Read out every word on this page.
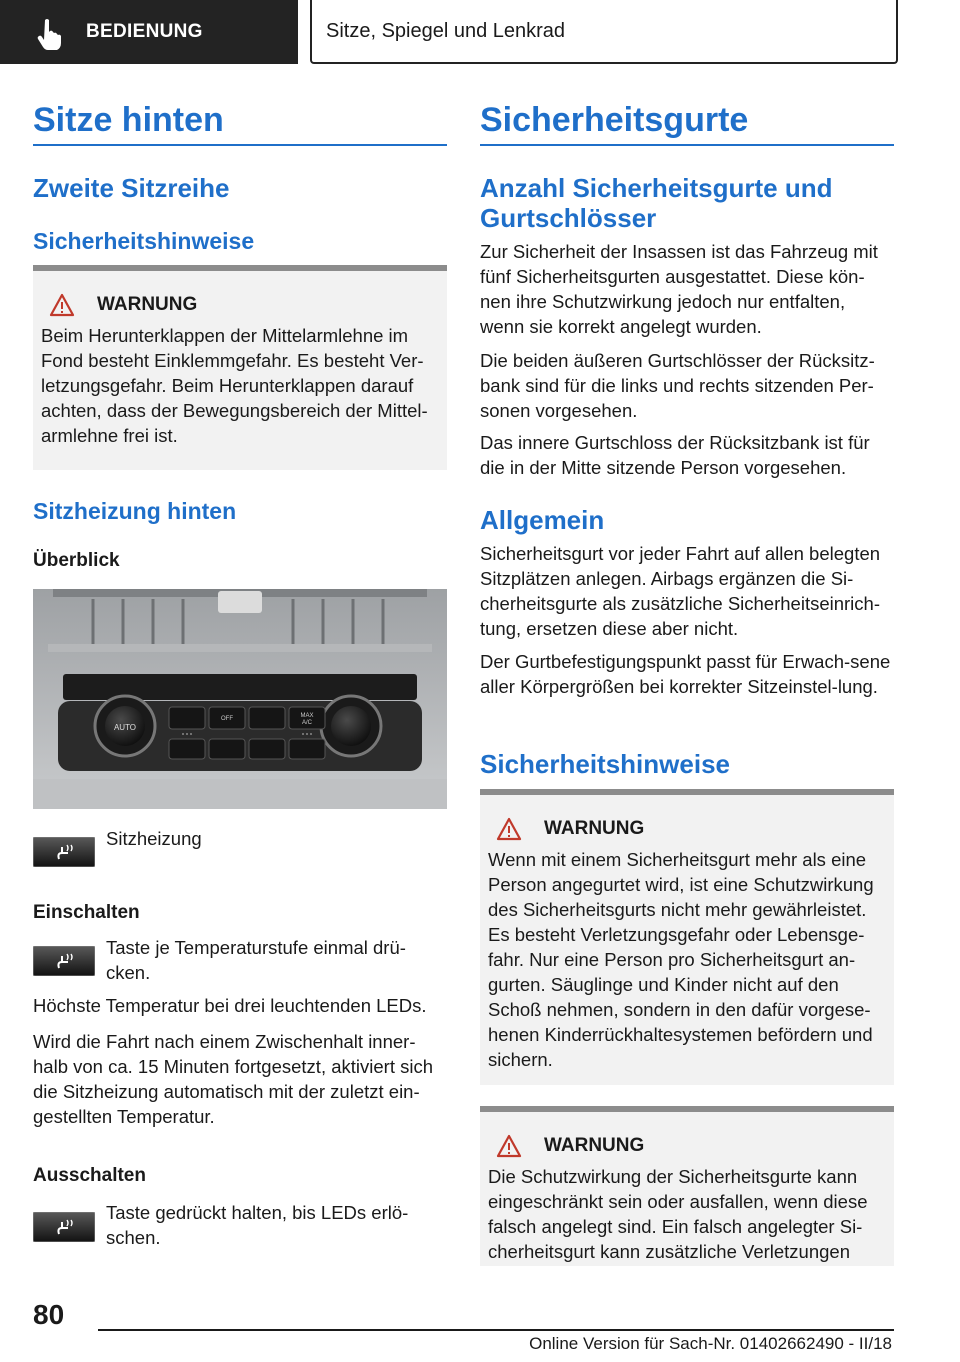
BEDIENUNG	Sitze, Spiegel und Lenkrad
Sitze hinten
Zweite Sitzreihe
Sicherheitshinweise
WARNUNG
Beim Herunterklappen der Mittelarmlehne im Fond besteht Einklemmgefahr. Es besteht Ver-letzungsgefahr. Beim Herunterklappen darauf achten, dass der Bewegungsbereich der Mittel-armlehne frei ist.
Sitzheizung hinten
Überblick
AUTO
OFF	MAX
A/C
Sitzheizung
Einschalten
Taste je Temperaturstufe einmal drü-cken.
Höchste Temperatur bei drei leuchtenden LEDs.
Wird die Fahrt nach einem Zwischenhalt inner-halb von ca. 15 Minuten fortgesetzt, aktiviert sich die Sitzheizung automatisch mit der zuletzt ein-gestellten Temperatur.
Ausschalten
Taste gedrückt halten, bis LEDs erlö-schen.
Sicherheitsgurte
Anzahl Sicherheitsgurte und Gurtschlösser
Zur Sicherheit der Insassen ist das Fahrzeug mit fünf Sicherheitsgurten ausgestattet. Diese kön-nen ihre Schutzwirkung jedoch nur entfalten, wenn sie korrekt angelegt wurden.
Die beiden äußeren Gurtschlösser der Rücksitz-bank sind für die links und rechts sitzenden Per-sonen vorgesehen.
Das innere Gurtschloss der Rücksitzbank ist für die in der Mitte sitzende Person vorgesehen.
Allgemein
Sicherheitsgurt vor jeder Fahrt auf allen belegten Sitzplätzen anlegen. Airbags ergänzen die Si-cherheitsgurte als zusätzliche Sicherheitseinrich-tung, ersetzen diese aber nicht.
Der Gurtbefestigungspunkt passt für Erwach-sene aller Körpergrößen bei korrekter Sitzeinstel-lung.
Sicherheitshinweise
WARNUNG
Wenn mit einem Sicherheitsgurt mehr als eine Person angegurtet wird, ist eine Schutzwirkung des Sicherheitsgurts nicht mehr gewährleistet. Es besteht Verletzungsgefahr oder Lebensge-fahr. Nur eine Person pro Sicherheitsgurt an-gurten. Säuglinge und Kinder nicht auf den Schoß nehmen, sondern in den dafür vorgese-henen Kinderrückhaltesystemen befördern und sichern.
WARNUNG
Die Schutzwirkung der Sicherheitsgurte kann eingeschränkt sein oder ausfallen, wenn diese falsch angelegt sind. Ein falsch angelegter Si-cherheitsgurt kann zusätzliche Verletzungen
80
Online Version für Sach-Nr. 01402662490 - II/18
